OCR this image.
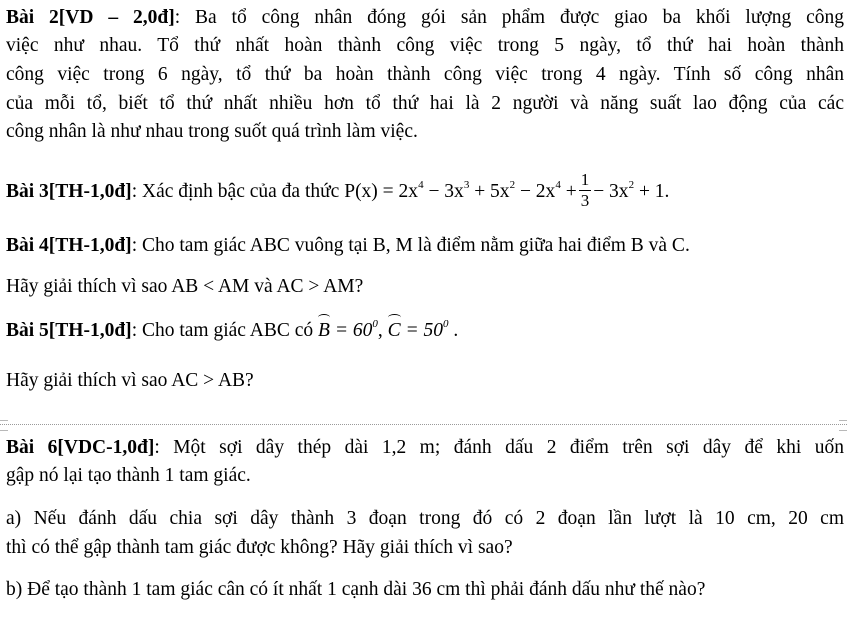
Bài 2[VD – 2,0đ]: Ba tổ công nhân đóng gói sản phẩm được giao ba khối lượng công

việc như nhau. Tổ thứ nhất hoàn thành công việc trong 5 ngày, tổ thứ hai hoàn thành

công việc trong 6 ngày, tổ thứ ba hoàn thành công việc trong 4 ngày. Tính số công nhân

của mỗi tổ, biết tổ thứ nhất nhiều hơn tổ thứ hai là 2 người và năng suất lao động của các

công nhân là như nhau trong suốt quá trình làm việc.

Bài 3[TH-1,0đ]: Xác định bậc của đa thức $P(x) = 2x^4 - 3x^3 + 5x^2 - 2x^4 + \frac{1}{3} - 3x^2 + 1$.

Bài 4[TH-1,0đ]: Cho tam giác ABC vuông tại B, M là điểm nằm giữa hai điểm B và C.

Hãy giải thích vì sao AB < AM và AC > AM?

Bài 5[TH-1,0đ]: Cho tam giác ABC có $B = 60^0$, $C = 50^0$ .

Hãy giải thích vì sao AC > AB?

Bài 6[VDC-1,0đ]: Một sợi dây thép dài 1,2 m; đánh dấu 2 điểm trên sợi dây để khi uốn

gập nó lại tạo thành 1 tam giác.

a) Nếu đánh dấu chia sợi dây thành 3 đoạn trong đó có 2 đoạn lần lượt là 10 cm, 20 cm

thì có thể gập thành tam giác được không? Hãy giải thích vì sao?

b) Để tạo thành 1 tam giác cân có ít nhất 1 cạnh dài 36 cm thì phải đánh dấu như thế nào?
